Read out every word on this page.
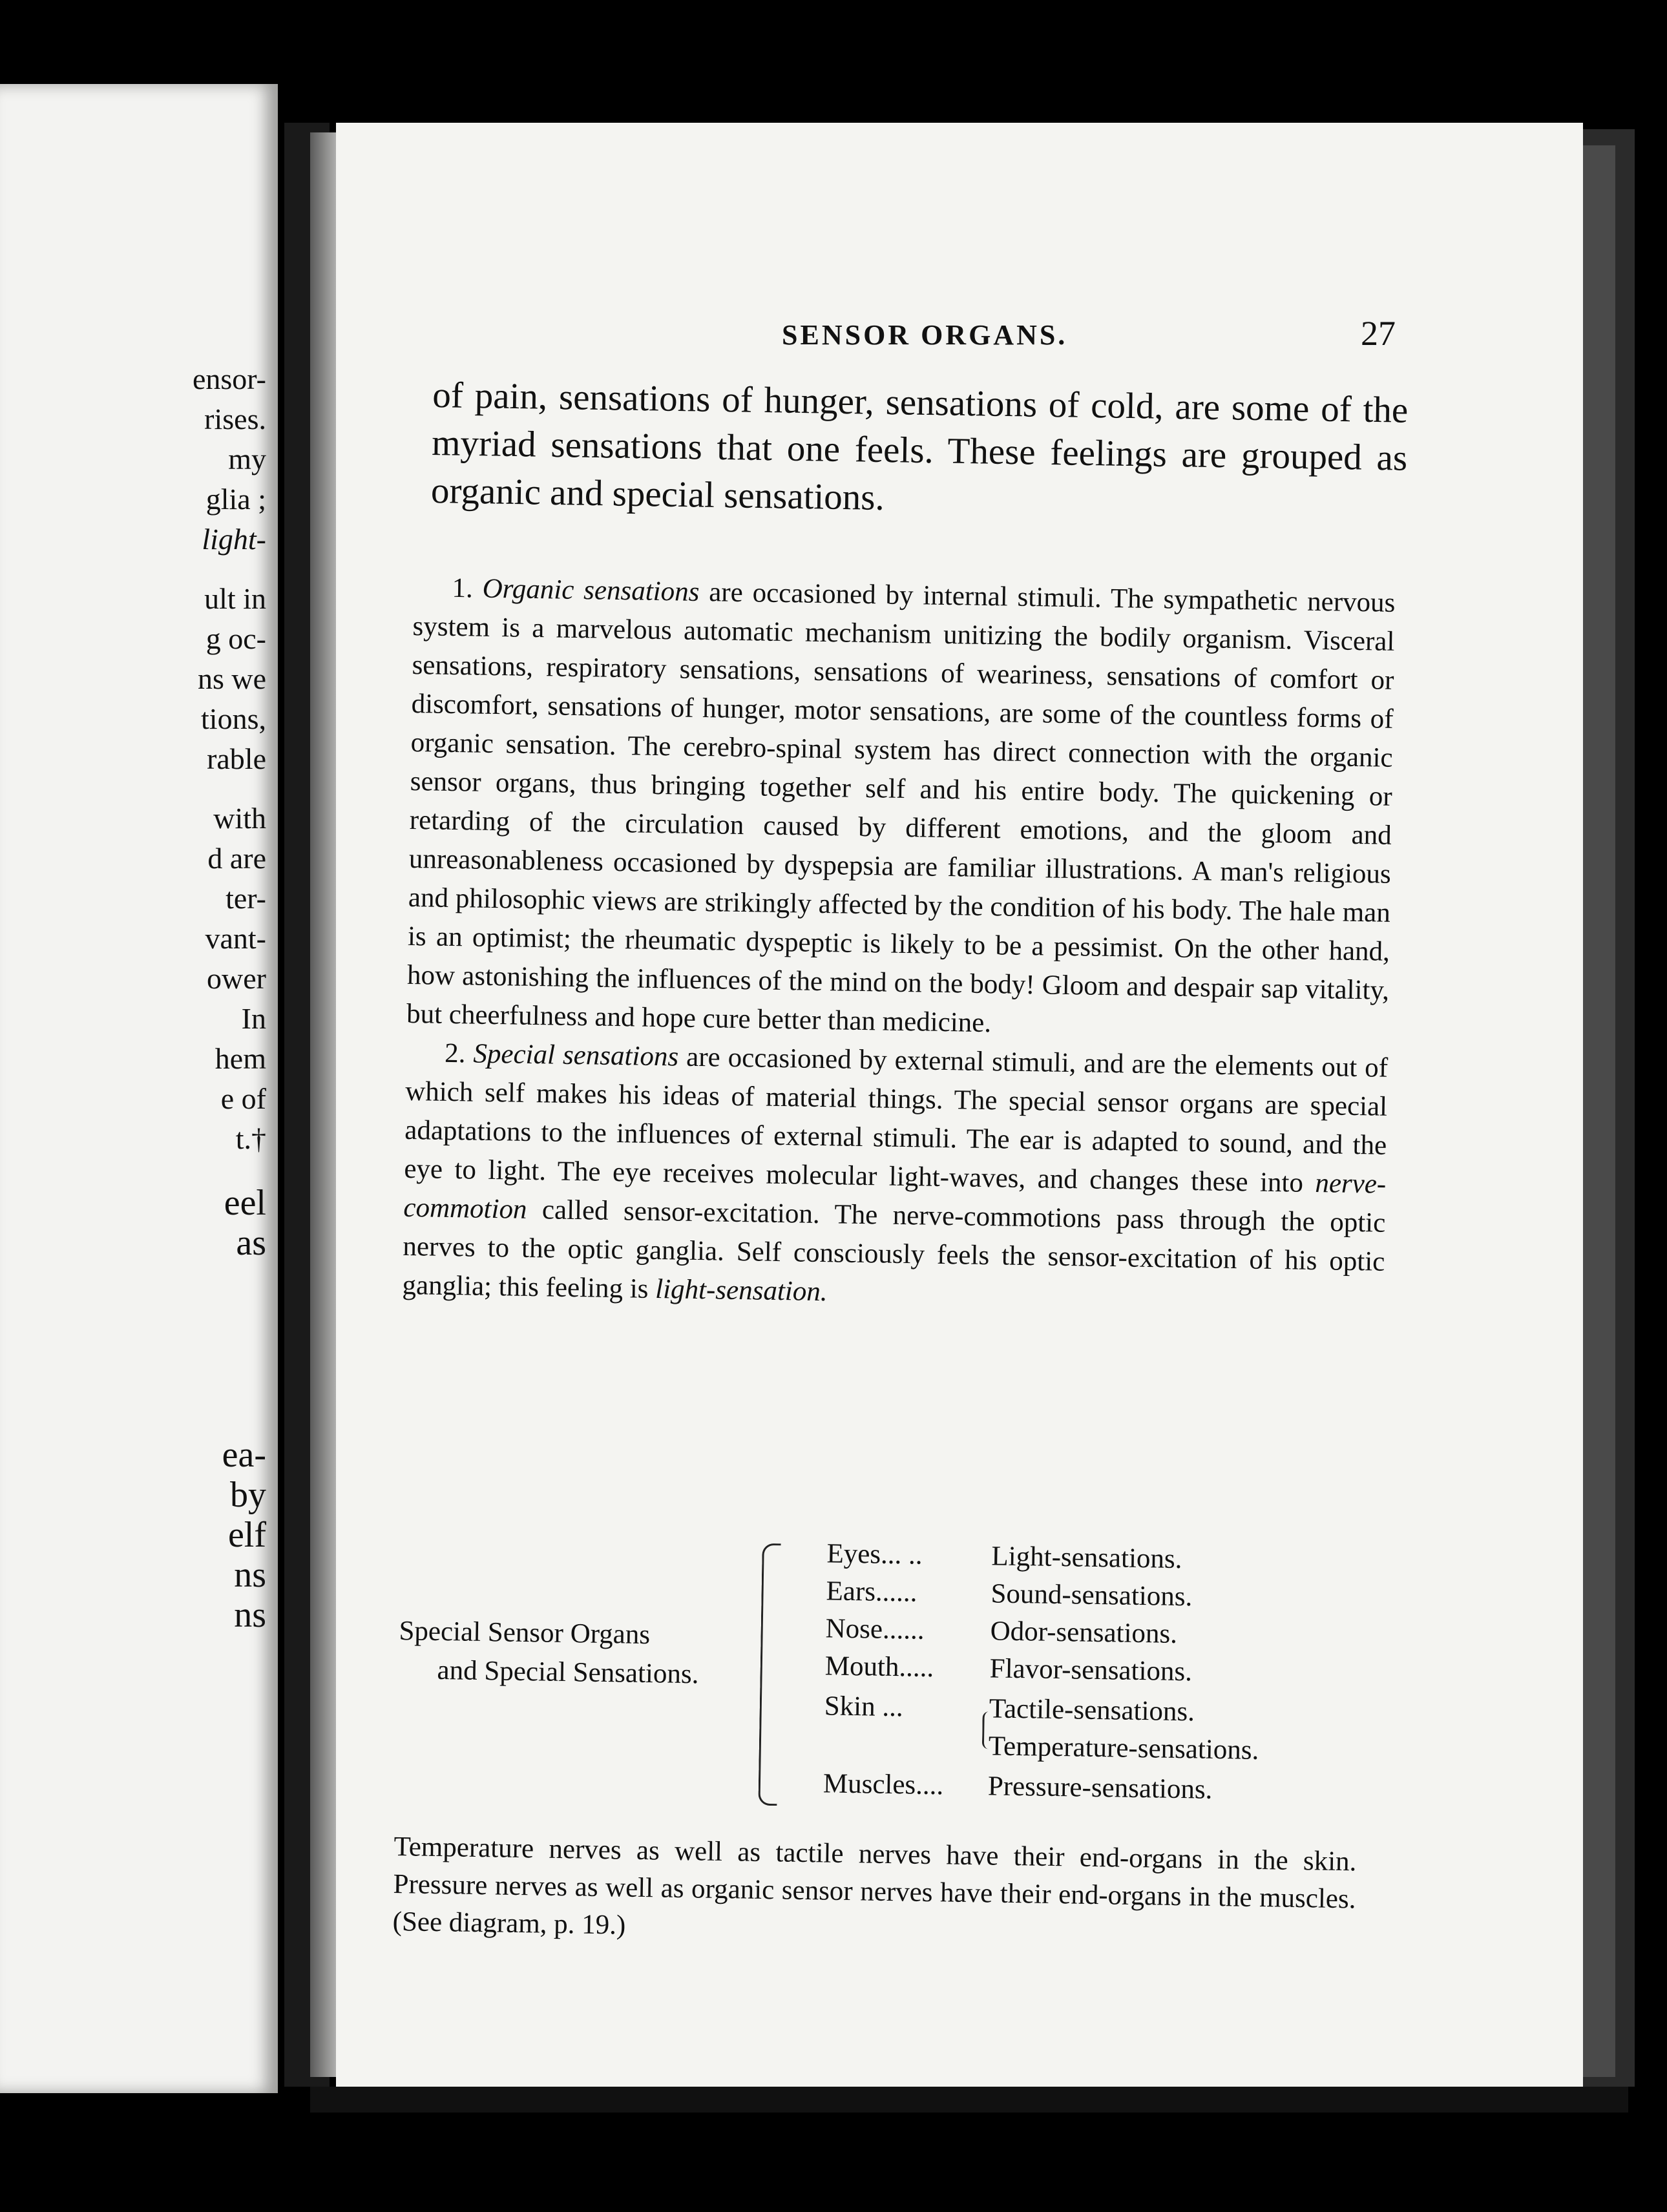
ensor-
rises.
my
glia ;
light-
ult in
g oc-
ns we
tions,
rable
with
d are
ter-
vant-
ower
In
hem
e of
t.†
eel
as
ea-
by
elf
ns
ns
SENSOR ORGANS.	27
of pain, sensations of hunger, sensations of cold, are some of the myriad sensations that one feels. These feelings are grouped as organic and special sensations.

1. Organic sensations are occasioned by internal stimuli. The sympathetic nervous system is a marvelous automatic mechanism unitizing the bodily organism. Visceral sensations, respiratory sensations, sensations of weariness, sensations of comfort or discomfort, sensations of hunger, motor sensations, are some of the countless forms of organic sensation. The cerebro-spinal system has direct connection with the organic sensor organs, thus bringing together self and his entire body. The quickening or retarding of the circulation caused by different emotions, and the gloom and unreasonableness occasioned by dyspepsia are familiar illustrations. A man's religious and philosophic views are strikingly affected by the condition of his body. The hale man is an optimist; the rheumatic dyspeptic is likely to be a pessimist. On the other hand, how astonishing the influences of the mind on the body! Gloom and despair sap vitality, but cheerfulness and hope cure better than medicine.

2. Special sensations are occasioned by external stimuli, and are the elements out of which self makes his ideas of material things. The special sensor organs are special adaptations to the influences of external stimuli. The ear is adapted to sound, and the eye to light. The eye receives molecular light-waves, and changes these into nerve-commotion called sensor-excitation. The nerve-commotions pass through the optic nerves to the optic ganglia. Self consciously feels the sensor-excitation of his optic ganglia; this feeling is light-sensation.

Special Sensor Organs
and Special Sensations.
Eyes... .. Light-sensations.
Ears......	Sound-sensations.
Nose...... Odor-sensations.
Mouth..... Flavor-sensations.
Skin ...	Tactile-sensations.
Temperature-sensations.
Muscles.... Pressure-sensations.
Temperature nerves as well as tactile nerves have their end-organs in the skin. Pressure nerves as well as organic sensor nerves have their end-organs in the muscles. (See diagram, p. 19.)
